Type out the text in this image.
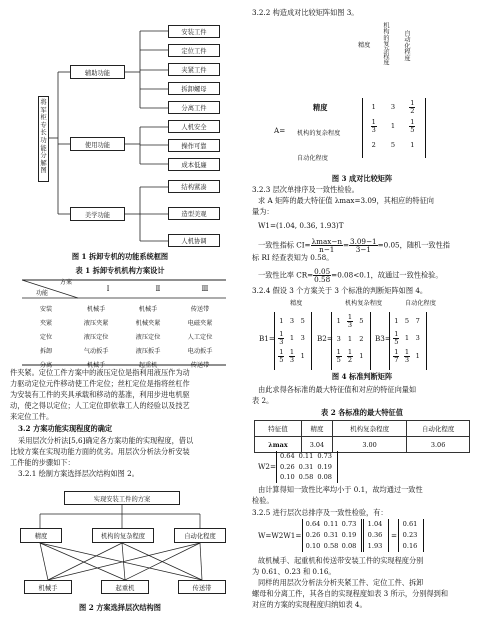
将
军
柜
专
长
功
能
分
解
图
辅助功能
使用功能
美学功能
安装工件
定位工件
夹紧工件
拆卸螺母
分离工件
人机安全
操作可靠
成本低廉
结构紧凑
造型美观
人机协调
图 1 拆卸专机的功能系统框图
表 1 拆卸专机机构方案设计
方案
功能
Ⅰ	Ⅱ	Ⅲ
安装	机械手	机械手	传送带
夹紧	液压夹紧	机械夹紧	电磁夹紧
定位	液压定位	液压定位	人工定位
拆卸	气动扳手	液压扳手	电动扳手
分离	机械手	起重机	传送带
件夹紧。定位工件方案中的液压定位是指利用液压作为动
力驱动定位元件移动使工件定位；丝杠定位是指将丝杠作
为安装有工件的夹具承载和移动的基准，利用步进电机驱
动，使之得以定位；人工定位即依靠工人的经验以及技艺
来定位工件。
3.2 方案功能实现程度的确定
采用层次分析法[5,6]确定各方案功能的实现程度，借以
比较方案在实现功能方面的优劣。用层次分析法分析安装
工件能的步骤如下：
3.2.1 绘制方案选择层次结构如图 2。
实现安装工件的方案
精度	机构的复杂程度	自动化程度
机械手	起重机	传送带
图 2 方案选择层次结构图
3.2.2 构造成对比较矩阵如图 3。
精度 机构的复杂程度 自动化程度
精度
机构的复杂程度
自动化程度
A=
1	3	$\frac{1}{2}$
$\frac{1}{3}$	1	$\frac{1}{5}$
2	5	1
图 3 成对比较矩阵
3.2.3 层次单排序及一致性检验。
求 A 矩阵的最大特征值 λmax=3.09，其相应的特征向
量为：
W1=(1.04, 0.36, 1.93)T
一致性指标 $CI= \frac{\lambda\max-n}{n-1} = \frac{3.09-1}{3-1} =0.05$，随机一致性指
标 RI 经查表知为 0.58。
一致性比率 $CR= \frac{0.05}{0.58} =0.08<0.1$，故通过一致性检验。
3.2.4 假设 3 个方案关于 3 个标准的判断矩阵如图 4。
精度	机构复杂程度	自动化程度
B1=
1 3 5
$\frac{1}{3} 1$ 3
$\frac{1}{5} \frac{1}{3} 1$
B2=
$1 \frac{1}{3} 5$
3	1	2
$\frac{1}{5} \frac{1}{2} 1$
B3=
1 5 7
$\frac{1}{5} 1$ 3
$\frac{1}{7} \frac{1}{3} 1$
图 4 标准判断矩阵
由此求得各标准的最大特征值和对应的特征向量如
表 2。
表 2 各标准的最大特征值
特征值	精度	机构复杂程度	自动化程度
λmax	3.04	3.00	3.06
W2=
0.64 0.11 0.73
0.26 0.31 0.19
0.10 0.58 0.08
由计算得知一致性比率均小于 0.1，故均通过一致性
检验。
3.2.5 进行层次总排序及一致性检验，有：
W=W2W1=
0.64 0.11 0.73
0.26 0.31 0.19
0.10 0.58 0.08
1.04
0.36
1.93
=
0.61
0.23
0.16
故机械手、起重机和传送带安装工件的实现程度分别
为 0.61、0.23 和 0.16。
同样的用层次分析法分析夹紧工件、定位工件、拆卸
螺母和分离工件，其各自的实现程度如表 3 所示，分别得到和
对应的方案的实现程度归纳如表 4。
